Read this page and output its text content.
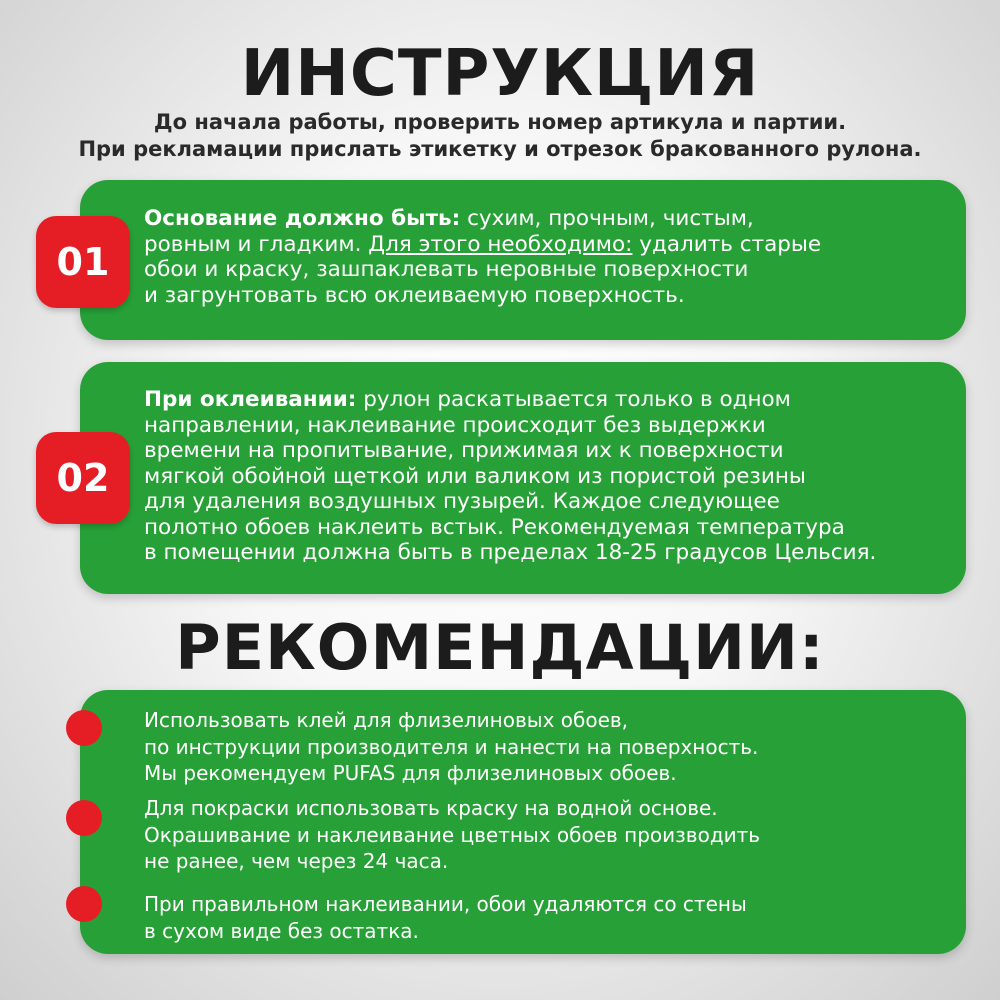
ИНСТРУКЦИЯ
До начала работы, проверить номер артикула и партии.
При рекламации прислать этикетку и отрезок бракованного рулона.
01
Основание должно быть: сухим, прочным, чистым,
ровным и гладким. Для этого необходимо: удалить старые
обои и краску, зашпаклевать неровные поверхности
и загрунтовать всю оклеиваемую поверхность.
02
При оклеивании: рулон раскатывается только в одном
направлении, наклеивание происходит без выдержки
времени на пропитывание, прижимая их к поверхности
мягкой обойной щеткой или валиком из пористой резины
для удаления воздушных пузырей. Каждое следующее
полотно обоев наклеить встык. Рекомендуемая температура
в помещении должна быть в пределах 18-25 градусов Цельсия.
РЕКОМЕНДАЦИИ:
Использовать клей для флизелиновых обоев,
по инструкции производителя и нанести на поверхность.
Мы рекомендуем PUFAS для флизелиновых обоев.
Для покраски использовать краску на водной основе.
Окрашивание и наклеивание цветных обоев производить
не ранее, чем через 24 часа.
При правильном наклеивании, обои удаляются со стены
в сухом виде без остатка.
